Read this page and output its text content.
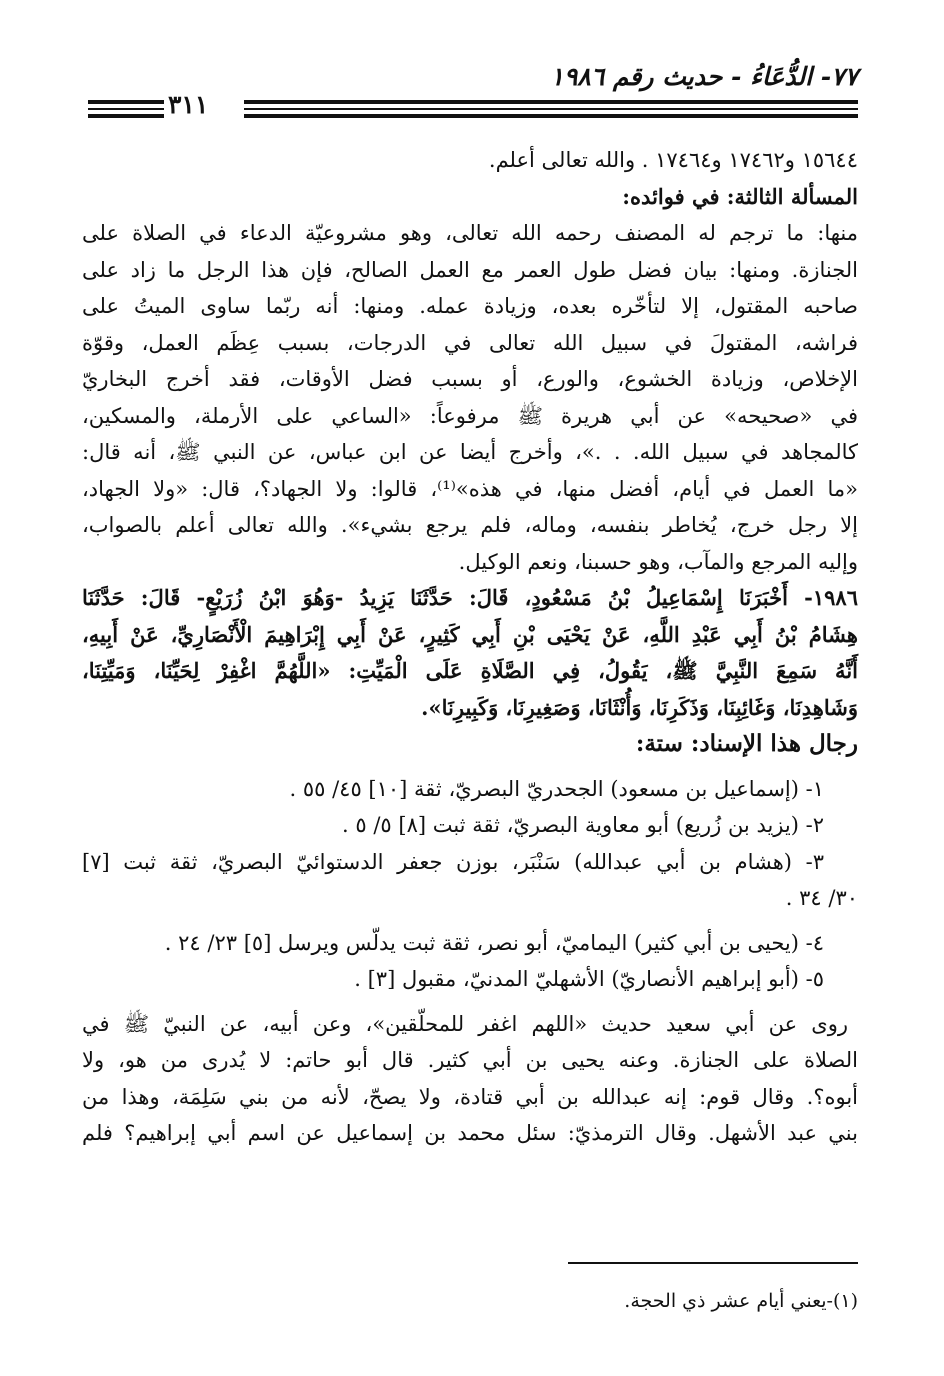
٧٧- الدُّعَاءُ - حديث رقم ١٩٨٦
٣١١
١٥٦٤٤ و١٧٤٦٢ و١٧٤٦٤ . والله تعالى أعلم.
المسألة الثالثة: في فوائده:
منها: ما ترجم له المصنف رحمه الله تعالى، وهو مشروعيّة الدعاء في الصلاة على
الجنازة. ومنها: بيان فضل طول العمر مع العمل الصالح، فإن هذا الرجل ما زاد على
صاحبه المقتول، إلا لتأخّره بعده، وزيادة عمله. ومنها: أنه ربّما ساوى الميتُ على
فراشه، المقتولَ في سبيل الله تعالى في الدرجات، بسبب عِظَم العمل، وقوّة
الإخلاص، وزيادة الخشوع، والورع، أو بسبب فضل الأوقات، فقد أخرج البخاريّ
في «صحيحه» عن أبي هريرة ﷺ مرفوعاً: «الساعي على الأرملة، والمسكين،
كالمجاهد في سبيل الله. . .»، وأخرج أيضا عن ابن عباس، عن النبي ﷺ، أنه قال:
«ما العمل في أيام، أفضل منها، في هذه»⁽¹⁾، قالوا: ولا الجهاد؟، قال: «ولا الجهاد،
إلا رجل خرج، يُخاطر بنفسه، وماله، فلم يرجع بشيء». والله تعالى أعلم بالصواب،
وإليه المرجع والمآب، وهو حسبنا، ونعم الوكيل.
١٩٨٦- أَخْبَرَنَا إِسْمَاعِيلُ بْنُ مَسْعُودٍ، قَالَ: حَدَّثَنَا يَزِيدُ -وَهُوَ ابْنُ زُرَيْعٍ- قَالَ: حَدَّثَنَا
هِشَامُ بْنُ أَبِي عَبْدِ اللَّهِ، عَنْ يَحْيَى بْنِ أَبِي كَثِيرٍ، عَنْ أَبِي إِبْرَاهِيمَ الْأَنْصَارِيِّ، عَنْ أَبِيهِ،
أَنَّهُ سَمِعَ النَّبِيَّ ﷺ، يَقُولُ، فِي الصَّلَاةِ عَلَى الْمَيِّتِ: «اللَّهُمَّ اغْفِرْ لِحَيِّنَا، وَمَيِّتِنَا،
وَشَاهِدِنَا، وَغَائِبِنَا، وَذَكَرِنَا، وَأُنْثَانَا، وَصَغِيرِنَا، وَكَبِيرِنَا».
رجال هذا الإسناد: ستة:
١- (إسماعيل بن مسعود) الجحدريّ البصريّ، ثقة [١٠] ٤٥/ ٥٥ .
٢- (يزيد بن زُريع) أبو معاوية البصريّ، ثقة ثبت [٨] ٥/ ٥ .
٣- (هشام بن أبي عبدالله) سَنْبَر، بوزن جعفر الدستوائيّ البصريّ، ثقة ثبت [٧]
٣٠/ ٣٤ .
٤- (يحيى بن أبي كثير) اليماميّ، أبو نصر، ثقة ثبت يدلّس ويرسل [٥] ٢٣/ ٢٤ .
٥- (أبو إبراهيم الأنصاريّ) الأشهليّ المدنيّ، مقبول [٣] .
روى عن أبي سعيد حديث «اللهم اغفر للمحلّقين»، وعن أبيه، عن النبيّ ﷺ في
الصلاة على الجنازة. وعنه يحيى بن أبي كثير. قال أبو حاتم: لا يُدرى من هو، ولا
أبوه؟. وقال قوم: إنه عبدالله بن أبي قتادة، ولا يصحّ، لأنه من بني سَلِمَة، وهذا من
بني عبد الأشهل. وقال الترمذيّ: سئل محمد بن إسماعيل عن اسم أبي إبراهيم؟ فلم
(١)-يعني أيام عشر ذي الحجة.
